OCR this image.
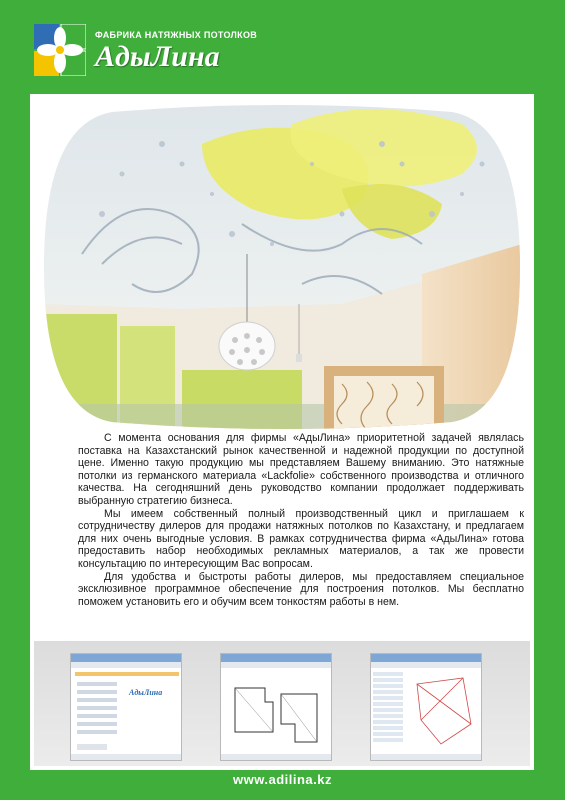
ФАБРИКА НАТЯЖНЫХ ПОТОЛКОВ
АдыЛина

С момента основания для фирмы «АдыЛина» приоритетной задачей являлась поставка на Казахстанский рынок качественной и надежной продукции по доступной цене. Именно такую продукцию мы представляем Вашему вниманию. Это натяжные потолки из германского материала «Lackfolie» собственного производства и отличного качества. На сегодняшний день руководство компании продолжает поддерживать выбранную стратегию бизнеса.

Мы имеем собственный полный производственный цикл и приглашаем к сотрудничеству дилеров для продажи натяжных потолков по Казахстану, и предлагаем для них очень выгодные условия. В рамках сотрудничества фирма «АдыЛина» готова предоставить набор необходимых рекламных материалов, а так же провести консультацию по интересующим Вас вопросам.

Для удобства и быстроты работы дилеров, мы предоставляем специальное эксклюзивное программное обеспечение для построения потолков. Мы бесплатно поможем установить его и обучим всем тонкостям работы в нем.

АдыЛина
www.adilina.kz
